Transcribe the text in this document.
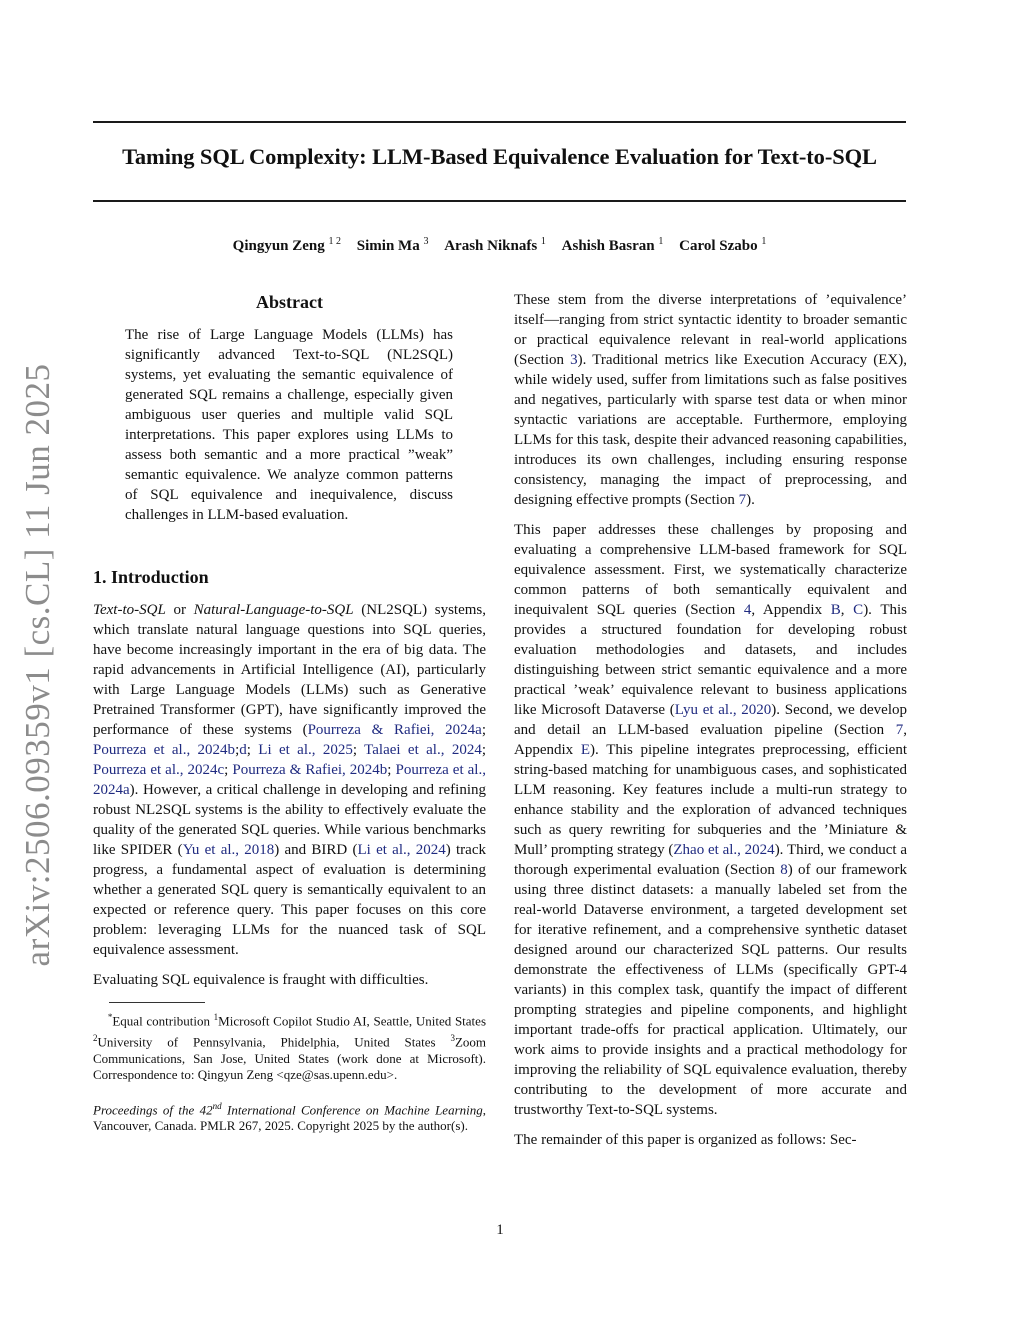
Taming SQL Complexity: LLM-Based Equivalence Evaluation for Text-to-SQL
Qingyun Zeng $^{1 2}$ Simin Ma $^3$ Arash Niknafs $^1$ Ashish Basran $^1$ Carol Szabo $^1$
arXiv:2506.09359v1 [cs.CL] 11 Jun 2025
Abstract

The rise of Large Language Models (LLMs) has significantly advanced Text-to-SQL (NL2SQL) systems, yet evaluating the semantic equivalence of generated SQL remains a challenge, especially given ambiguous user queries and multiple valid SQL interpretations. This paper explores using LLMs to assess both semantic and a more practical ”weak” semantic equivalence. We analyze common patterns of SQL equivalence and inequivalence, discuss challenges in LLM-based evaluation.

1. Introduction

Text-to-SQL or Natural-Language-to-SQL (NL2SQL) systems, which translate natural language questions into SQL queries, have become increasingly important in the era of big data. The rapid advancements in Artificial Intelligence (AI), particularly with Large Language Models (LLMs) such as Generative Pretrained Transformer (GPT), have significantly improved the performance of these systems (Pourreza & Rafiei, 2024a; Pourreza et al., 2024b;d; Li et al., 2025; Talaei et al., 2024; Pourreza et al., 2024c; Pourreza & Rafiei, 2024b; Pourreza et al., 2024a). However, a critical challenge in developing and refining robust NL2SQL systems is the ability to effectively evaluate the quality of the generated SQL queries. While various benchmarks like SPIDER (Yu et al., 2018) and BIRD (Li et al., 2024) track progress, a fundamental aspect of evaluation is determining whether a generated SQL query is semantically equivalent to an expected or reference query. This paper focuses on this core problem: leveraging LLMs for the nuanced task of SQL equivalence assessment.

Evaluating SQL equivalence is fraught with difficulties.

*Equal contribution $^1$Microsoft Copilot Studio AI, Seattle, United States $^2$University of Pennsylvania, Phidelphia, United States $^3$Zoom Communications, San Jose, United States (work done at Microsoft). Correspondence to: Qingyun Zeng <qze@sas.upenn.edu>.

Proceedings of the 42nd International Conference on Machine Learning, Vancouver, Canada. PMLR 267, 2025. Copyright 2025 by the author(s).

These stem from the diverse interpretations of ’equivalence’ itself—ranging from strict syntactic identity to broader semantic or practical equivalence relevant in real-world applications (Section 3). Traditional metrics like Execution Accuracy (EX), while widely used, suffer from limitations such as false positives and negatives, particularly with sparse test data or when minor syntactic variations are acceptable. Furthermore, employing LLMs for this task, despite their advanced reasoning capabilities, introduces its own challenges, including ensuring response consistency, managing the impact of preprocessing, and designing effective prompts (Section 7).

This paper addresses these challenges by proposing and evaluating a comprehensive LLM-based framework for SQL equivalence assessment. First, we systematically characterize common patterns of both semantically equivalent and inequivalent SQL queries (Section 4, Appendix B, C). This provides a structured foundation for developing robust evaluation methodologies and datasets, and includes distinguishing between strict semantic equivalence and a more practical ’weak’ equivalence relevant to business applications like Microsoft Dataverse (Lyu et al., 2020). Second, we develop and detail an LLM-based evaluation pipeline (Section 7, Appendix E). This pipeline integrates preprocessing, efficient string-based matching for unambiguous cases, and sophisticated LLM reasoning. Key features include a multi-run strategy to enhance stability and the exploration of advanced techniques such as query rewriting for subqueries and the ’Miniature & Mull’ prompting strategy (Zhao et al., 2024). Third, we conduct a thorough experimental evaluation (Section 8) of our framework using three distinct datasets: a manually labeled set from the real-world Dataverse environment, a targeted development set for iterative refinement, and a comprehensive synthetic dataset designed around our characterized SQL patterns. Our results demonstrate the effectiveness of LLMs (specifically GPT-4 variants) in this complex task, quantify the impact of different prompting strategies and pipeline components, and highlight important trade-offs for practical application. Ultimately, our work aims to provide insights and a practical methodology for improving the reliability of SQL equivalence evaluation, thereby contributing to the development of more accurate and trustworthy Text-to-SQL systems.

The remainder of this paper is organized as follows: Sec-

1
